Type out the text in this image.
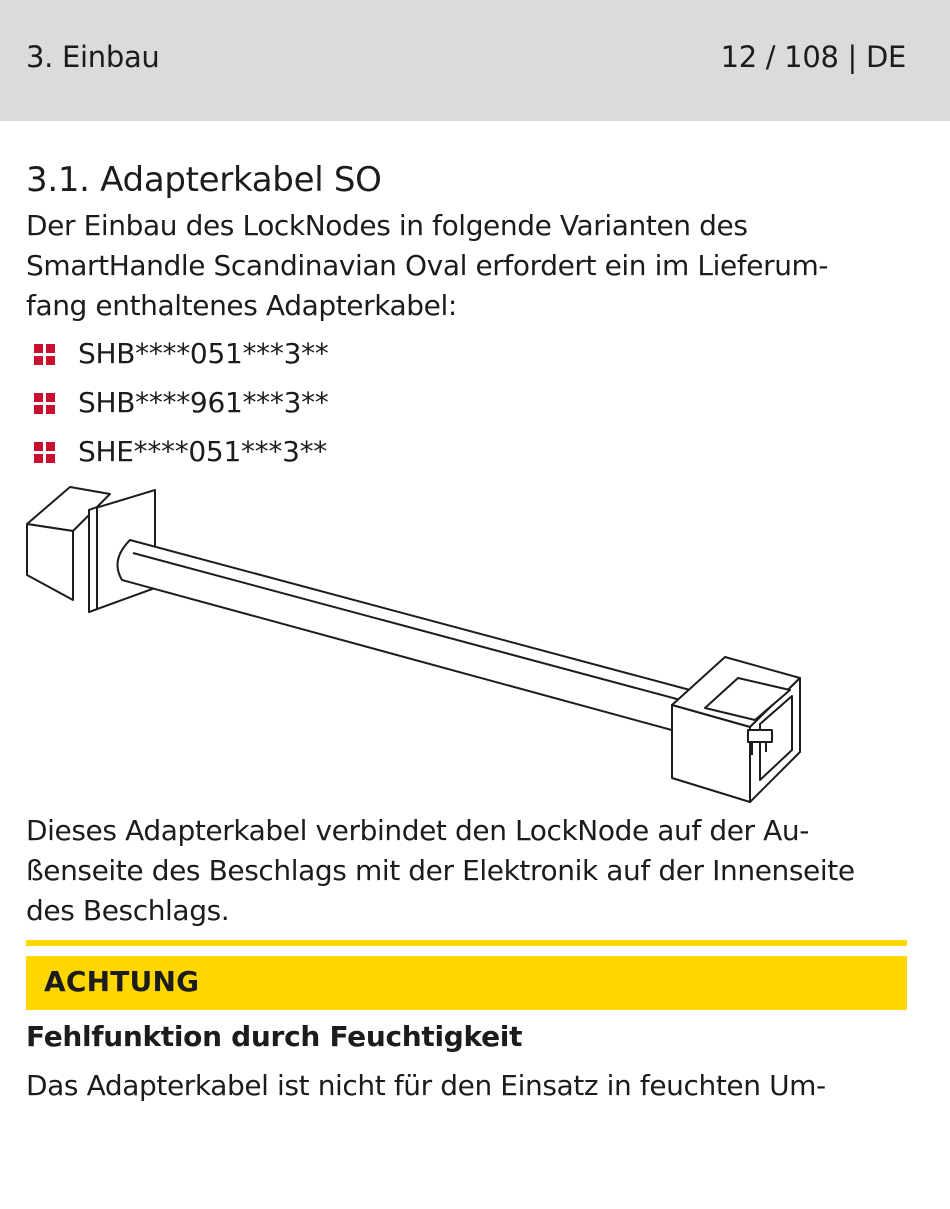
3. Einbau	12 / 108 | DE
3.1. Adapterkabel SO

Der Einbau des LockNodes in folgende Varianten des
SmartHandle Scandinavian Oval erfordert ein im Lieferum-
fang enthaltenes Adapterkabel:

SHB****051***3**
SHB****961***3**
SHE****051***3**

Dieses Adapterkabel verbindet den LockNode auf der Au-
ßenseite des Beschlags mit der Elektronik auf der Innenseite
des Beschlags.

ACHTUNG
Fehlfunktion durch Feuchtigkeit
Das Adapterkabel ist nicht für den Einsatz in feuchten Um-
